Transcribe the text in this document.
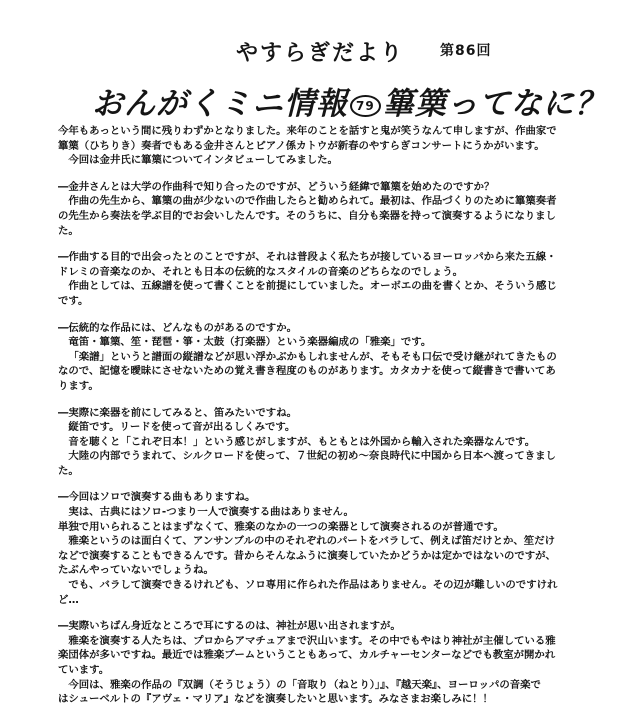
やすらぎだより	第86回
おんがくミニ情報 79 篳篥ってなに？

今年もあっという間に残りわずかとなりました。来年のことを話すと鬼が笑うなんて申しますが、作曲家で

篳篥（ひちりき）奏者でもある金井さんとピアノ係カトウが新春のやすらぎコンサートにうかがいます。

今回は金井氏に篳篥についてインタビューしてみました。

―金井さんとは大学の作曲科で知り合ったのですが、どういう経緯で篳篥を始めたのですか？

作曲の先生から、篳篥の曲が少ないので作曲したらと勧められて。最初は、作品づくりのために篳篥奏者

の先生から奏法を学ぶ目的でお会いしたんです。そのうちに、自分も楽器を持って演奏するようになりまし

た。

―作曲する目的で出会ったとのことですが、それは普段よく私たちが接しているヨーロッパから来た五線・

ドレミの音楽なのか、それとも日本の伝統的なスタイルの音楽のどちらなのでしょう。

作曲としては、五線譜を使って書くことを前提にしていました。オーボエの曲を書くとか、そういう感じ

です。

―伝統的な作品には、どんなものがあるのですか。

竜笛・篳篥、笙・琵琶・箏・太鼓（打楽器）という楽器編成の「雅楽」です。

「楽譜」というと譜面の縦譜などが思い浮かぶかもしれませんが、そもそも口伝で受け継がれてきたもの

なので、記憶を曖昧にさせないための覚え書き程度のものがあります。カタカナを使って縦書きで書いてあ

ります。

―実際に楽器を前にしてみると、笛みたいですね。

縦笛です。リードを使って音が出るしくみです。

音を聴くと「これぞ日本！」という感じがしますが、もともとは外国から輸入された楽器なんです。

大陸の内部でうまれて、シルクロードを使って、７世紀の初め～奈良時代に中国から日本へ渡ってきまし

た。

―今回はソロで演奏する曲もありますね。

実は、古典にはソロ-つまり一人で演奏する曲はありません。

単独で用いられることはまずなくて、雅楽のなかの一つの楽器として演奏されるのが普通です。

雅楽というのは面白くて、アンサンブルの中のそれぞれのパートをバラして、例えば笛だけとか、笙だけ

などで演奏することもできるんです。昔からそんなふうに演奏していたかどうかは定かではないのですが、

たぶんやっていないでしょうね。

でも、バラして演奏できるけれども、ソロ専用に作られた作品はありません。その辺が難しいのですけれ

ど…

―実際いちばん身近なところで耳にするのは、神社が思い出されますが。

雅楽を演奏する人たちは、プロからアマチュアまで沢山います。その中でもやはり神社が主催している雅

楽団体が多いですね。最近では雅楽ブームということもあって、カルチャーセンターなどでも教室が開かれ

ています。

今回は、雅楽の作品の『双調（そうじょう）の「音取り（ねとり）」』、『越天楽』、ヨーロッパの音楽で

はシューベルトの『アヴェ・マリア』などを演奏したいと思います。みなさまお楽しみに！！
